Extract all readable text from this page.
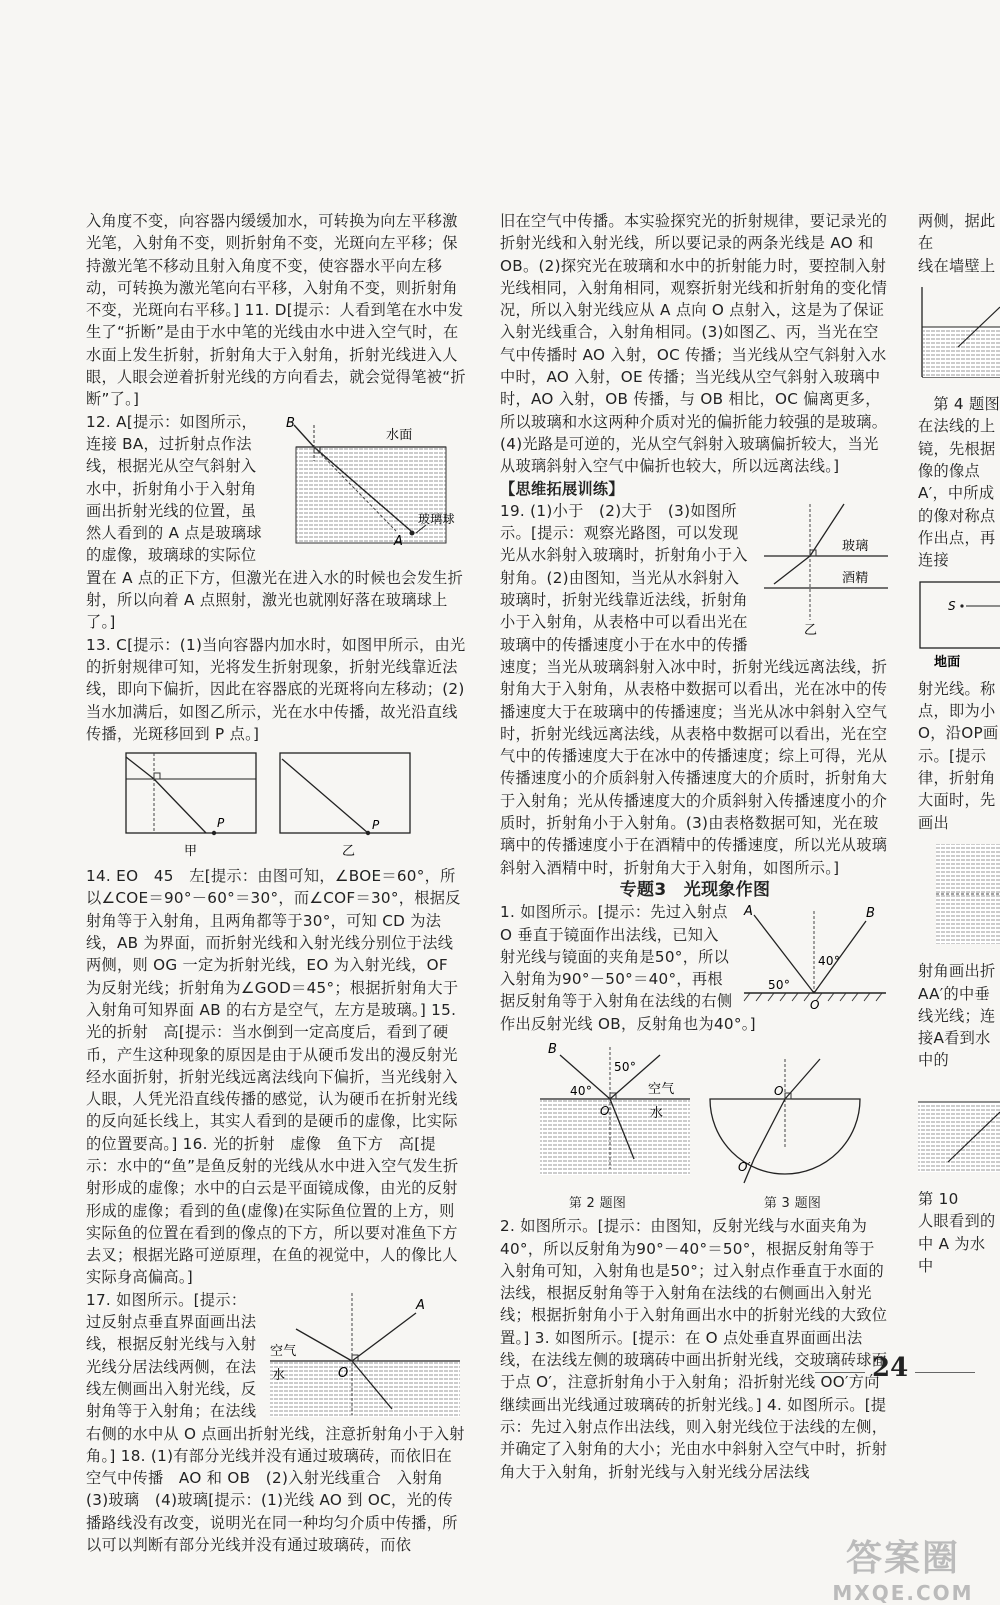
入角度不变，向容器内缓缓加水，可转换为向左平移激光笔，入射角不变，则折射角不变，光斑向左平移；保持激光笔不移动且射入角度不变，使容器水平向左移动，可转换为激光笔向右平移，入射角不变，则折射角不变，光斑向右平移。] 11. D[提示：人看到笔在水中发生了“折断”是由于水中笔的光线由水中进入空气时，在水面上发生折射，折射角大于入射角，折射光线进入人眼，人眼会逆着折射光线的方向看去，就会觉得笔被“折断”了。]

B
A
水面
玻璃球

12. A[提示：如图所示，连接 BA，过折射点作法线，根据光从空气斜射入水中，折射角小于入射角画出折射光线的位置，虽然人看到的 A 点是玻璃球的虚像，玻璃球的实际位置在 A 点的正下方，但激光在进入水的时候也会发生折射，所以向着 A 点照射，激光也就刚好落在玻璃球上了。]

13. C[提示：(1)当向容器内加水时，如图甲所示，由光的折射规律可知，光将发生折射现象，折射光线靠近法线，即向下偏折，因此在容器底的光斑将向左移动；(2)当水加满后，如图乙所示，光在水中传播，故光沿直线传播，光斑移回到 P 点。]

P
甲
P
乙

14. EO　45　左[提示：由图可知，∠BOE＝60°，所以∠COE＝90°－60°＝30°，而∠COF＝30°，根据反射角等于入射角，且两角都等于30°，可知 CD 为法线，AB 为界面，而折射光线和入射光线分别位于法线两侧，则 OG 一定为折射光线，EO 为入射光线，OF 为反射光线；折射角为∠GOD＝45°；根据折射角大于入射角可知界面 AB 的右方是空气，左方是玻璃。] 15. 光的折射　高[提示：当水倒到一定高度后，看到了硬币，产生这种现象的原因是由于从硬币发出的漫反射光经水面折射，折射光线远离法线向下偏折，当光线射入人眼，人凭光沿直线传播的感觉，认为硬币在折射光线的反向延长线上，其实人看到的是硬币的虚像，比实际的位置要高。] 16. 光的折射　虚像　鱼下方　高[提示：水中的“鱼”是鱼反射的光线从水中进入空气发生折射形成的虚像；水中的白云是平面镜成像，由光的反射形成的虚像；看到的鱼(虚像)在实际鱼位置的上方，则实际鱼的位置在看到的像点的下方，所以要对准鱼下方去叉；根据光路可逆原理，在鱼的视觉中，人的像比人实际身高偏高。]

A
O
空气
水

17. 如图所示。[提示：过反射点垂直界面画出法线，根据反射光线与入射光线分居法线两侧，在法线左侧画出入射光线，反射角等于入射角；在法线右侧的水中从 O 点画出折射光线，注意折射角小于入射角。] 18. (1)有部分光线并没有通过玻璃砖，而依旧在空气中传播　AO 和 OB　(2)入射光线重合　入射角　(3)玻璃　(4)玻璃[提示：(1)光线 AO 到 OC，光的传播路线没有改变，说明光在同一种均匀介质中传播，所以可以判断有部分光线并没有通过玻璃砖，而依

旧在空气中传播。本实验探究光的折射规律，要记录光的折射光线和入射光线，所以要记录的两条光线是 AO 和 OB。(2)探究光在玻璃和水中的折射能力时，要控制入射光线相同，入射角相同，观察折射光线和折射角的变化情况，所以入射光线应从 A 点向 O 点射入，这是为了保证入射光线重合，入射角相同。(3)如图乙、丙，当光在空气中传播时 AO 入射，OC 传播；当光线从空气斜射入水中时，AO 入射，OE 传播；当光线从空气斜射入玻璃中时，AO 入射，OB 传播，与 OB 相比，OC 偏离更多，所以玻璃和水这两种介质对光的偏折能力较强的是玻璃。(4)光路是可逆的，光从空气斜射入玻璃偏折较大，当光从玻璃斜射入空气中偏折也较大，所以远离法线。]

【思维拓展训练】

玻璃
酒精
乙

19. (1)小于　(2)大于　(3)如图所示。[提示：观察光路图，可以发现光从水斜射入玻璃时，折射角小于入射角。(2)由图知，当光从水斜射入玻璃时，折射光线靠近法线，折射角小于入射角，从表格中可以看出光在玻璃中的传播速度小于在水中的传播速度；当光从玻璃斜射入冰中时，折射光线远离法线，折射角大于入射角，从表格中数据可以看出，光在冰中的传播速度大于在玻璃中的传播速度；当光从冰中斜射入空气时，折射光线远离法线，从表格中数据可以看出，光在空气中的传播速度大于在冰中的传播速度；综上可得，光从传播速度小的介质斜射入传播速度大的介质时，折射角大于入射角；光从传播速度大的介质斜射入传播速度小的介质时，折射角小于入射角。(3)由表格数据可知，光在玻璃中的传播速度小于在酒精中的传播速度，所以光从玻璃斜射入酒精中时，折射角大于入射角，如图所示。]

专题3　光现象作图

A	B
O
50°
40°

1. 如图所示。[提示：先过入射点 O 垂直于镜面作出法线，已知入射光线与镜面的夹角是50°，所以入射角为90°－50°＝40°，再根据反射角等于入射角在法线的右侧作出反射光线 OB，反射角也为40°。]

B
O
40°
50°
空气
水
O
O′
第 2 题图	第 3 题图

2. 如图所示。[提示：由图知，反射光线与水面夹角为40°，所以反射角为90°－40°＝50°，根据反射角等于入射角可知，入射角也是50°；过入射点作垂直于水面的法线，根据反射角等于入射角在法线的右侧画出入射光线；根据折射角小于入射角画出水中的折射光线的大致位置。] 3. 如图所示。[提示：在 O 点处垂直界面画出法线，在法线左侧的玻璃砖中画出折射光线，交玻璃砖球面于点 O′，注意折射角小于入射角；沿折射光线 OO′方向继续画出光线通过玻璃砖的折射光线。] 4. 如图所示。[提示：先过入射点作出法线，则入射光线位于法线的左侧，并确定了入射角的大小；光由水中斜射入空气中时，折射角大于入射角，折射光线与入射光线分居法线

两侧，据此在

线在墙壁上

第 4 题图

在法线的上镜，先根据像的像点A′，中所成的像对称点作出点，再连接

S
地面

射光线。称点，即为小O，沿OP画示。[提示律，折射角大面时，先画出

射角画出折AA′的中垂线光线；连接A看到水中的

第 10

人眼看到的中 A 为水中

24
答案圈
MXQE.COM
